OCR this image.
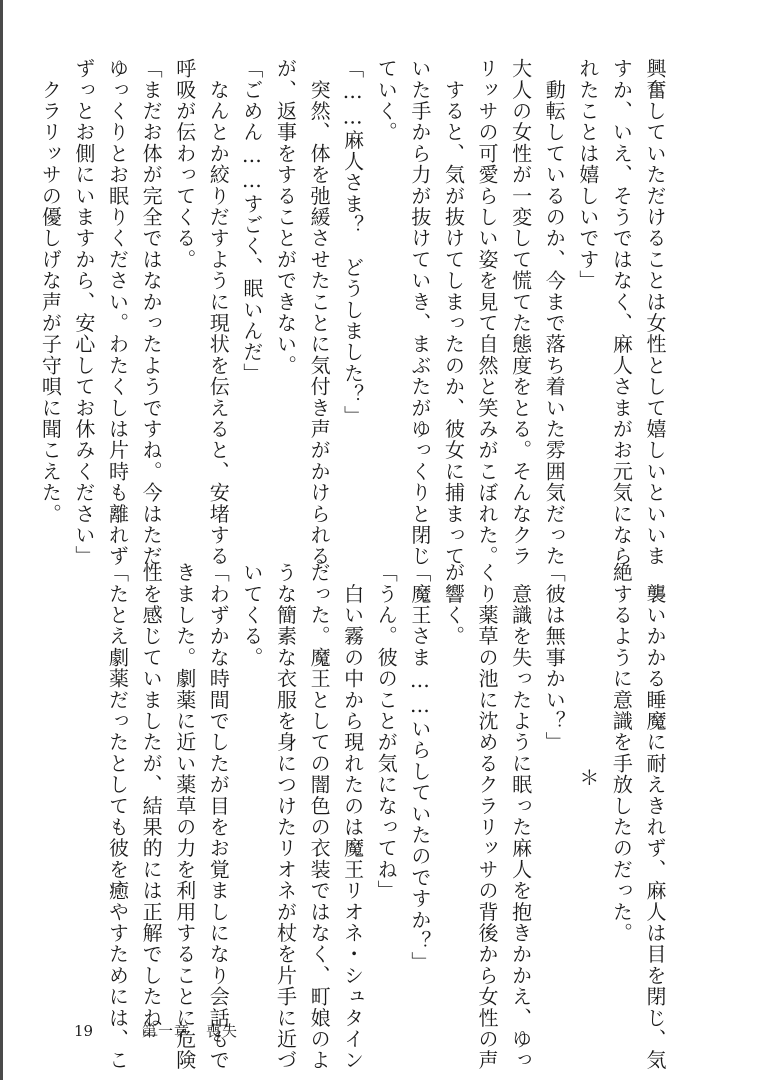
興奮していただけることは女性として嬉しいといいま
すか、いえ、そうではなく、麻人さまがお元気になら
れたことは嬉しいです」
　動転しているのか、今まで落ち着いた雰囲気だった
大人の女性が一変して慌てた態度をとる。そんなクラ
リッサの可愛らしい姿を見て自然と笑みがこぼれた。
　すると、気が抜けてしまったのか、彼女に捕まって
いた手から力が抜けていき、まぶたがゆっくりと閉じ
ていく。
「……麻人さま？　どうしました？」
　突然、体を弛緩させたことに気付き声がかけられる
が、返事をすることができない。
「ごめん……すごく、眠いんだ」
　なんとか絞りだすように現状を伝えると、安堵する
呼吸が伝わってくる。
「まだお体が完全ではなかったようですね。今はただ
ゆっくりとお眠りください。わたくしは片時も離れず
ずっとお側にいますから、安心してお休みください」
　クラリッサの優しげな声が子守唄に聞こえた。
　襲いかかる睡魔に耐えきれず、麻人は目を閉じ、気
絶するように意識を手放したのだった。
＊
「彼は無事かい？」
　意識を失ったように眠った麻人を抱きかかえ、ゆっ
くり薬草の池に沈めるクラリッサの背後から女性の声
が響く。
「魔王さま……いらしていたのですか？」
「うん。彼のことが気になってね」
　白い霧の中から現れたのは魔王リオネ・シュタイン
だった。魔王としての闇色の衣装ではなく、町娘のよ
うな簡素な衣服を身につけたリオネが杖を片手に近づ
いてくる。
「わずかな時間でしたが目をお覚ましになり会話もで
きました。劇薬に近い薬草の力を利用することに危険
性を感じていましたが、結果的には正解でしたね」
「たとえ劇薬だったとしても彼を癒やすためには、こ
19	第一章　喪失
